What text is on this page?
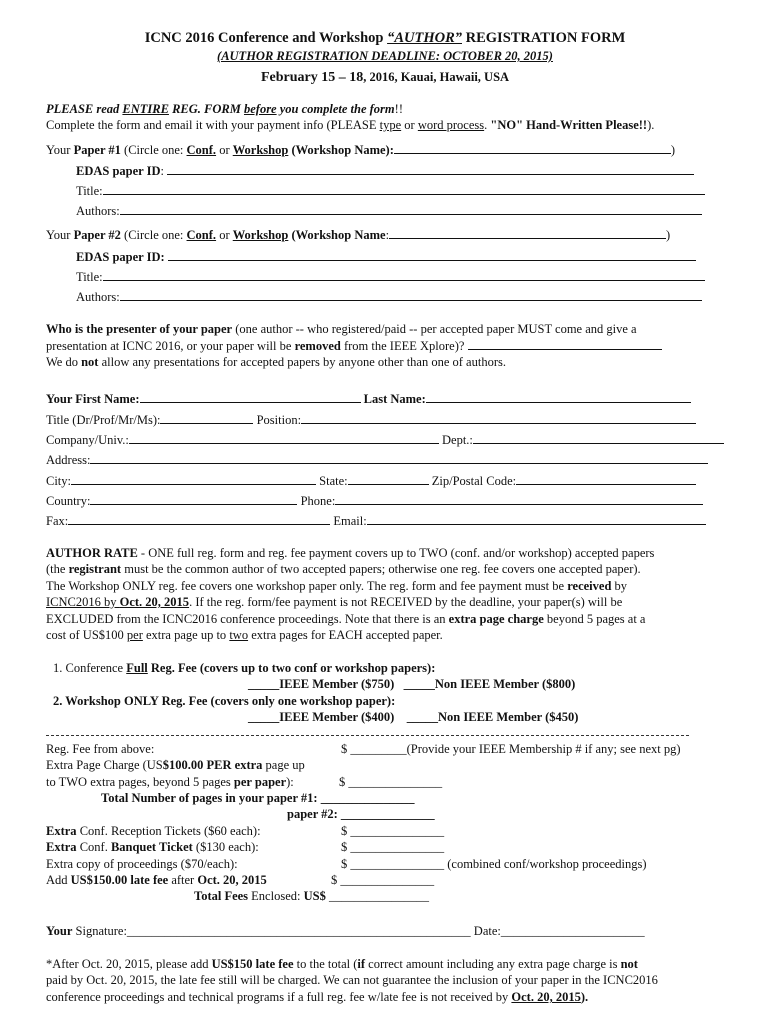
ICNC 2016 Conference and Workshop “AUTHOR” REGISTRATION FORM
(AUTHOR REGISTRATION DEADLINE: OCTOBER 20, 2015)
February 15 – 18, 2016, Kauai, Hawaii, USA
PLEASE read ENTIRE REG. FORM before you complete the form!!
Complete the form and email it with your payment info (PLEASE type or word process. "NO" Hand-Written Please!!).
Your Paper #1 (Circle one: Conf. or Workshop (Workshop Name):	)
EDAS paper ID:
Title:
Authors:
Your Paper #2 (Circle one: Conf. or Workshop (Workshop Name:	)
EDAS paper ID:
Title:
Authors:
Who is the presenter of your paper (one author -- who registered/paid -- per accepted paper MUST come and give a
presentation at ICNC 2016, or your paper will be removed from the IEEE Xplore)?
We do not allow any presentations for accepted papers by anyone other than one of authors.
Your First Name:	Last Name:
Title (Dr/Prof/Mr/Ms):	Position:
Company/Univ.:	Dept.:
Address:
City:	State:	Zip/Postal Code:
Country:	Phone:
Fax:	Email:
AUTHOR RATE - ONE full reg. form and reg. fee payment covers up to TWO (conf. and/or workshop) accepted papers
(the registrant must be the common author of two accepted papers; otherwise one reg. fee covers one accepted paper).
The Workshop ONLY reg. fee covers one workshop paper only. The reg. form and fee payment must be received by
ICNC2016 by Oct. 20, 2015. If the reg. form/fee payment is not RECEIVED by the deadline, your paper(s) will be
EXCLUDED from the ICNC2016 conference proceedings. Note that there is an extra page charge beyond 5 pages at a
cost of US$100 per extra page up to two extra pages for EACH accepted paper.
1. Conference Full Reg. Fee (covers up to two conf or workshop papers):
_____IEEE Member ($750)   _____Non IEEE Member ($800)
2. Workshop ONLY Reg. Fee (covers only one workshop paper):
_____IEEE Member ($400)    _____Non IEEE Member ($450)
Reg. Fee from above:	$ _________(Provide your IEEE Membership # if any; see next pg)
Extra Page Charge (US$100.00 PER extra page up
to TWO extra pages, beyond 5 pages per paper):	$ _______________
Total Number of pages in your paper #1: _______________
paper #2: _______________
Extra Conf. Reception Tickets ($60 each):	$ _______________
Extra Conf. Banquet Ticket ($130 each):	$ _______________
Extra copy of proceedings ($70/each):	$ _______________ (combined conf/workshop proceedings)
Add US$150.00 late fee after Oct. 20, 2015	$ _______________
Total Fees Enclosed: US$ ________________
Your Signature:_______________________________________________________ Date:_______________________
*After Oct. 20, 2015, please add US$150 late fee to the total (if correct amount including any extra page charge is not
paid by Oct. 20, 2015, the late fee still will be charged. We can not guarantee the inclusion of your paper in the ICNC2016
conference proceedings and technical programs if a full reg. fee w/late fee is not received by Oct. 20, 2015).
